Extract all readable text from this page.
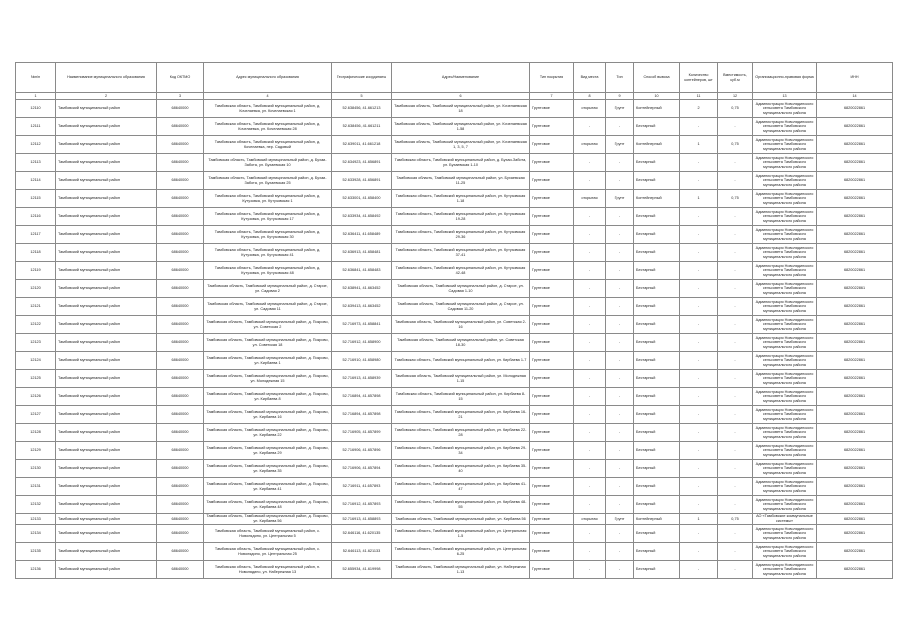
№п/п	Наименование муниципального образования	Код ОКТМО	Адрес муниципального образования	Географические координаты	Адрес/Наименование	Тип покрытия	Вид места	Тип	Способ вывоза	Количество контейнеров, шт	Вместимость, куб.м	Организационно-правовая форма	ИНН
1	2	3	4	5	6	7	8	9	10	11	12	13	14
12110	Тамбовский муниципальный район	68640000	Тамбовская область, Тамбовский муниципальный район, д. Кочелаевка, ул. Кочелаевская 1	52.638456, 41.661213	Тамбовская область, Тамбовский муниципальный район, ул. Кочелаевская 18	Грунтовое	открытая	Грунт	Контейнерный	2	0,75	Администрация Новолядинского сельсовета Тамбовского муниципального района	6820022861
12111	Тамбовский муниципальный район	68640000	Тамбовская область, Тамбовский муниципальный район, д. Кочелаевка, ул. Кочелаевская 28	52.638456, 41.661211	Тамбовская область, Тамбовский муниципальный район, ул. Кочелаевская 1-58	Грунтовое	-	-	Бестарный	-	-	Администрация Новолядинского сельсовета Тамбовского муниципального района	6820022861
12112	Тамбовский муниципальный район	68640000	Тамбовская область, Тамбовский муниципальный район, д. Кочелаевка, пер. Садовый	52.639011, 41.661218	Тамбовская область, Тамбовский муниципальный район, ул. Кочелаевская 1, 3, 5, 7	Грунтовое	открытая	Грунт	Контейнерный	1	0,75	Администрация Новолядинского сельсовета Тамбовского муниципального района	6820022861
12113	Тамбовский муниципальный район	68640000	Тамбовская область, Тамбовский муниципальный район, д. Бухаи-Забота, ул. Бухаевская 10	52.634923, 41.656891	Тамбовская область, Тамбовский муниципальный район, д. Бухаи-Забота, ул. Бухаевская 1-10	Грунтовое	-	-	Бестарный	-	-	Администрация Новолядинского сельсовета Тамбовского муниципального района	6820022861
12114	Тамбовский муниципальный район	68640000	Тамбовская область, Тамбовский муниципальный район, д. Бухаи-Забота, ул. Бухаевская 25	52.633928, 41.656891	Тамбовская область, Тамбовский муниципальный район, ул. Бухаевская 11-25	Грунтовое	-	-	Бестарный	-	-	Администрация Новолядинского сельсовета Тамбовского муниципального района	6820022861
12115	Тамбовский муниципальный район	68640000	Тамбовская область, Тамбовский муниципальный район, д. Кутузовка, ул. Кутузовская 1	52.633001, 41.658400	Тамбовская область, Тамбовский муниципальный район, ул. Кутузовская 1-18	Грунтовое	открытая	Грунт	Контейнерный	1	0,75	Администрация Новолядинского сельсовета Тамбовского муниципального района	6820022861
12116	Тамбовский муниципальный район	68640000	Тамбовская область, Тамбовский муниципальный район, д. Кутузовка, ул. Кутузовская 17	52.633934, 41.658492	Тамбовская область, Тамбовский муниципальный район, ул. Кутузовская 19-28	Грунтовое	-	-	Бестарный	-	-	Администрация Новолядинского сельсовета Тамбовского муниципального района	6820022861
12117	Тамбовский муниципальный район	68640000	Тамбовская область, Тамбовский муниципальный район, д. Кутузовка, ул. Кутузовская 30	52.636411, 41.658489	Тамбовская область, Тамбовский муниципальный район, ул. Кутузовская 29-36	Грунтовое	-	-	Бестарный	-	-	Администрация Новолядинского сельсовета Тамбовского муниципального района	6820022861
12118	Тамбовский муниципальный район	68640000	Тамбовская область, Тамбовский муниципальный район, д. Кутузовка, ул. Кутузовская 41	52.636913, 41.658481	Тамбовская область, Тамбовский муниципальный район, ул. Кутузовская 37-41	Грунтовое	-	-	Бестарный	-	-	Администрация Новолядинского сельсовета Тамбовского муниципального района	6820022861
12119	Тамбовский муниципальный район	68640000	Тамбовская область, Тамбовский муниципальный район, д. Кутузовка, ул. Кутузовская 48	52.636841, 41.658483	Тамбовская область, Тамбовский муниципальный район, ул. Кутузовская 42-48	Грунтовое	-	-	Бестарный	-	-	Администрация Новолядинского сельсовета Тамбовского муниципального района	6820022861
12120	Тамбовский муниципальный район	68640000	Тамбовская область, Тамбовский муниципальный район, д. Старое, ул. Садовая 2	52.638941, 41.663452	Тамбовская область, Тамбовский муниципальный район, д. Старое, ул. Садовая 1-10	Грунтовое	-	-	Бестарный	-	-	Администрация Новолядинского сельсовета Тамбовского муниципального района	6820022861
12121	Тамбовский муниципальный район	68640000	Тамбовская область, Тамбовский муниципальный район, д. Старое, ул. Садовая 11	52.639413, 41.663452	Тамбовская область, Тамбовский муниципальный район, д. Старое, ул. Садовая 11-20	Грунтовое	-	-	Бестарный	-	-	Администрация Новолядинского сельсовета Тамбовского муниципального района	6820022861
12122	Тамбовский муниципальный район	68640000	Тамбовская область, Тамбовский муниципальный район, д. Покрово, ул. Советская 2	52.716973, 41.658841	Тамбовская область, Тамбовский муниципальный район, ул. Советская 2-16	Грунтовое	-	-	Бестарный	-	-	Администрация Новолядинского сельсовета Тамбовского муниципального района	6820022861
12123	Тамбовский муниципальный район	68640000	Тамбовская область, Тамбовский муниципальный район, д. Покрово, ул. Советская 18	52.716912, 41.658900	Тамбовская область, Тамбовский муниципальный район, ул. Советская 18-30	Грунтовое	-	-	Бестарный	-	-	Администрация Новолядинского сельсовета Тамбовского муниципального района	6820022861
12124	Тамбовский муниципальный район	68640000	Тамбовская область, Тамбовский муниципальный район, д. Покрово, ул. Кирбаева 1	52.716910, 41.658980	Тамбовская область, Тамбовский муниципальный район, ул. Кирбаева 1-7	Грунтовое	-	-	Бестарный	-	-	Администрация Новолядинского сельсовета Тамбовского муниципального района	6820022861
12125	Тамбовский муниципальный район	68640000	Тамбовская область, Тамбовский муниципальный район, д. Покрово, ул. Молодежная 15	52.716913, 41.658939	Тамбовская область, Тамбовский муниципальный район, ул. Молодежная 1-15	Грунтовое	-	-	Бестарный	-	-	Администрация Новолядинского сельсовета Тамбовского муниципального района	6820022861
12126	Тамбовский муниципальный район	68640000	Тамбовская область, Тамбовский муниципальный район, д. Покрово, ул. Кирбаева 8	52.716894, 41.657898	Тамбовская область, Тамбовский муниципальный район, ул. Кирбаева 8-15	Грунтовое	-	-	Бестарный	-	-	Администрация Новолядинского сельсовета Тамбовского муниципального района	6820022861
12127	Тамбовский муниципальный район	68640000	Тамбовская область, Тамбовский муниципальный район, д. Покрово, ул. Кирбаева 16	52.716894, 41.657898	Тамбовская область, Тамбовский муниципальный район, ул. Кирбаева 16-21	Грунтовое	-	-	Бестарный	-	-	Администрация Новолядинского сельсовета Тамбовского муниципального района	6820022861
12128	Тамбовский муниципальный район	68640000	Тамбовская область, Тамбовский муниципальный район, д. Покрово, ул. Кирбаева 22	52.716905, 41.657899	Тамбовская область, Тамбовский муниципальный район, ул. Кирбаева 22-28	Грунтовое	-	-	Бестарный	-	-	Администрация Новолядинского сельсовета Тамбовского муниципального района	6820022861
12129	Тамбовский муниципальный район	68640000	Тамбовская область, Тамбовский муниципальный район, д. Покрово, ул. Кирбаева 29	52.716906, 41.657896	Тамбовская область, Тамбовский муниципальный район, ул. Кирбаева 29-34	Грунтовое	-	-	Бестарный	-	-	Администрация Новолядинского сельсовета Тамбовского муниципального района	6820022861
12130	Тамбовский муниципальный район	68640000	Тамбовская область, Тамбовский муниципальный район, д. Покрово, ул. Кирбаева 35	52.716906, 41.657894	Тамбовская область, Тамбовский муниципальный район, ул. Кирбаева 35-40	Грунтовое	-	-	Бестарный	-	-	Администрация Новолядинского сельсовета Тамбовского муниципального района	6820022861
12131	Тамбовский муниципальный район	68640000	Тамбовская область, Тамбовский муниципальный район, д. Покрово, ул. Кирбаева 41	52.716911, 41.657893	Тамбовская область, Тамбовский муниципальный район, ул. Кирбаева 41-47	Грунтовое	-	-	Бестарный	-	-	Администрация Новолядинского сельсовета Тамбовского муниципального района	6820022861
12132	Тамбовский муниципальный район	68640000	Тамбовская область, Тамбовский муниципальный район, д. Покрово, ул. Кирбаева 48	52.716912, 41.657893	Тамбовская область, Тамбовский муниципальный район, ул. Кирбаева 48-55	Грунтовое	-	-	Бестарный	-	-	Администрация Новолядинского сельсовета Тамбовского муниципального района	6820022861
12133	Тамбовский муниципальный район	68640000	Тамбовская область, Тамбовский муниципальный район, д. Покрово, ул. Кирбаева 56	52.716913, 41.658893	Тамбовская область, Тамбовский муниципальный район, ул. Кирбаева 56	Грунтовое	открытая	Грунт	Контейнерный	1	0,75	АО «Тамбовские коммунальные системы»	6820022861
12134	Тамбовский муниципальный район	68640000	Тамбовская область, Тамбовский муниципальный район, с. Новолядино, ул. Центральная 5	52.646116, 41.620135	Тамбовская область, Тамбовский муниципальный район, ул. Центральная 1-5	Грунтовое	-	-	Бестарный	-	-	Администрация Новолядинского сельсовета Тамбовского муниципального района	6820022861
12135	Тамбовский муниципальный район	68640000	Тамбовская область, Тамбовский муниципальный район, с. Новолядино, ул. Центральная 25	52.646113, 41.621133	Тамбовская область, Тамбовский муниципальный район, ул. Центральная 6-25	Грунтовое	-	-	Бестарный	-	-	Администрация Новолядинского сельсовета Тамбовского муниципального района	6820022861
12136	Тамбовский муниципальный район	68640000	Тамбовская область, Тамбовский муниципальный район, п. Новолядино, ул. Набережная 13	52.655934, 41.619998	Тамбовская область, Тамбовский муниципальный район, ул. Набережная 1-13	Грунтовое	-	-	Бестарный	-	-	Администрация Новолядинского сельсовета Тамбовского муниципального района	6820022861
